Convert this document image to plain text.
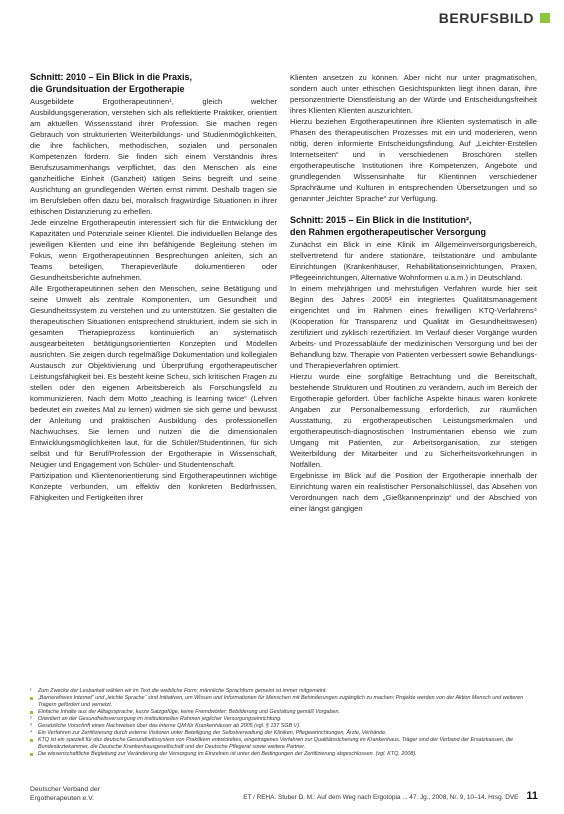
BERUFSBILD
Schnitt: 2010 – Ein Blick in die Praxis,
die Grundsituation der Ergotherapie

Ausgebildete Ergotherapeutinnen¹, gleich welcher Ausbildungsgeneration, verstehen sich als reflektierte Praktiker, orientiert am aktuellen Wissensstand ihrer Profession. Sie machen regen Gebrauch von strukturierten Weiterbildungs- und Studienmöglichkeiten, die ihre fachlichen, methodischen, sozialen und personalen Kompetenzen fördern. Sie finden sich einem Verständnis ihres Berufszusammenhangs verpflichtet, das den Menschen als eine ganzheitliche Einheit (Ganzheit) tätigen Seins begreift und seine Ausrichtung an grundlegenden Werten ernst nimmt. Deshalb tragen sie im Berufsleben offen dazu bei, moralisch fragwürdige Situationen in ihrer ethischen Distanzierung zu erhellen.

Jede einzelne Ergotherapeutin interessiert sich für die Entwicklung der Kapazitäten und Potenziale seiner Klientel. Die individuellen Belange des jeweiligen Klienten und eine ihn befähigende Begleitung stehen im Fokus, wenn Ergotherapeutinnen Besprechungen anleiten, sich an Teams beteiligen, Therapieverläufe dokumentieren oder Gesundheitsberichte aufnehmen.

Alle Ergotherapeutinnen sehen den Menschen, seine Betätigung und seine Umwelt als zentrale Komponenten, um Gesundheit und Gesundheitssystem zu verstehen und zu unterstützen. Sie gestalten die therapeutischen Situationen entsprechend strukturiert, indem sie sich in gesamten Therapieprozess kontinuierlich an systematisch ausgearbeiteten betätigungsorientierten Konzepten und Modellen ausrichten. Sie zeigen durch regelmäßige Dokumentation und kollegialen Austausch zur Objektivierung und Überprüfung ergotherapeutischer Leistungsfähigkeit bei. Es besteht keine Scheu, sich kritischen Fragen zu stellen oder den eigenen Arbeitsbereich als Forschungsfeld zu kommunizieren. Nach dem Motto „teaching is learning twice“ (Lehren bedeutet ein zweites Mal zu lernen) widmen sie sich gerne und bewusst der Anleitung und praktischen Ausbildung des professionellen Nachwuchses. Sie lernen und nutzen die die dimensionalen Entwicklungsmöglichkeiten laut, für die Schüler/Studentinnen, für sich selbst und für Beruf/Profession der Ergotherapie in Wissenschaft, Neugier und Engagement von Schüler- und Studentenschaft.

Partizipation und Klientenorientierung sind Ergotherapeutinnen wichtige Konzepte verbunden, um effektiv den konkreten Bedürfnissen, Fähigkeiten und Fertigkeiten ihrer

Klienten ansetzen zu können. Aber nicht nur unter pragmatischen, sondern auch unter ethischen Gesichtspunkten liegt ihnen daran, ihre personzentrierte Dienstleistung an der Würde und Entscheidungsfreiheit ihres Klienten Klienten auszurichten.

Hierzu beziehen Ergotherapeutinnen ihre Klienten systematisch in alle Phasen des therapeutischen Prozesses mit ein und moderieren, wenn nötig, deren informierte Entscheidungsfindung. Auf „Leichter-Erstellen Internetseiten“ und in verschiedenen Broschüren stellen ergotherapeutische Institutionen ihre Kompetenzen, Angebote und grundlegenden Wissensinhalte für Klientinnen verschiedener Sprachräume und Kulturen in entsprechenden Übersetzungen und so genannter „leichter Sprache“ zur Verfügung.

Schnitt: 2015 – Ein Blick in die Institution²,
den Rahmen ergotherapeutischer Versorgung

Zunächst ein Blick in eine Klinik im Allgemeinversorgungsbereich, stellvertretend für andere stationäre, teilstationäre und ambulante Einrichtungen (Krankenhäuser, Rehabilitationseinrichtungen, Praxen, Pflegeeinrichtungen, Alternative Wohnformen u.a.m.) in Deutschland.

In einem mehrjährigen und mehrstufigen Verfahren wurde hier seit Beginn des Jahres 2005³ ein integriertes Qualitätsmanagement eingerichtet und im Rahmen eines freiwilligen KTQ-Verfahrens⁴ (Kooperation für Transparenz und Qualität im Gesundheitswesen) zertifiziert und zyklisch rezertifiziert. Im Verlauf dieser Vorgänge wurden Arbeits- und Prozessabläufe der medizinischen Versorgung und bei der Behandlung bzw. Therapie von Patienten verbessert sowie Behandlungs- und Therapieverfahren optimiert.

Hierzu wurde eine sorgfältige Betrachtung und die Bereitschaft, bestehende Strukturen und Routinen zu verändern, auch im Bereich der Ergotherapie gefordert. Über fachliche Aspekte hinaus waren konkrete Angaben zur Personalbemessung erforderlich, zur räumlichen Ausstattung, zu ergotherapeutischen Leistungsmerkmalen und ergotherapeutisch-diagnostischen Instrumentarien ebenso wie zum Umgang mit Patienten, zur Arbeitsorganisation, zur stetigen Weiterbildung der Mitarbeiter und zu Sicherheitsvorkehrungen in Notfällen.

Ergebnisse im Blick auf die Position der Ergotherapie innerhalb der Einrichtung waren ein realistischer Personalschlüssel, das Absehen von Verordnungen nach dem „Gießkannenprinzip“ und der Abschied von einer längst gängigen

¹	Zum Zwecke der Lesbarkeit wählen wir im Text die weibliche Form; männliche Sprachform gemeint ist immer mitgemeint.
„Barrierefreies Internet“ und „leichte Sprache“ sind Initiativen, um Wissen und Informationen für Menschen mit Behinderungen zugänglich zu machen; Projekte werden von der Aktion Mensch und weiteren Trägern gefördert und vernetzt.
Einfache Inhalte aus der Alltagssprache, kurze Satzgefüge, keine Fremdwörter; Bebilderung und Gestaltung gemäß Vorgaben.
²	Orientiert an der Gesundheitsversorgung im institutionellen Rahmen jeglicher Versorgungseinrichtung.
³	Gesetzliche Vorschrift eines Nachweises über das interne QM für Krankenhäuser ab 2005 (vgl. § 137 SGB V).
⁴	Ein Verfahren zur Zertifizierung durch externe Visitoren unter Beteiligung der Selbstverwaltung der Kliniken, Pflegeeinrichtungen, Ärzte, Verbände.
KTQ ist ein speziell für das deutsche Gesundheitssystem von Praktikern entwickeltes, eingetragenes Verfahren zur Qualitätssicherung im Krankenhaus. Träger sind der Verband der Ersatzkassen, die Bundesärztekammer, die Deutsche Krankenhausgesellschaft und der Deutsche Pflegerat sowie weitere Partner.
Die wissenschaftliche Begleitung zur Veränderung der Versorgung im Einzelnen ist unter den Bedingungen der Zertifizierung abgeschlossen. (vgl. KTQ, 2008).
Deutscher Verband der
Ergotherapeuten e.V.	ET / REHA. Stuber D. M.: Auf dem Weg nach Ergotopia ... 47. Jg., 2008, Nr. 9, 10–14. Hrsg. DVE 11
